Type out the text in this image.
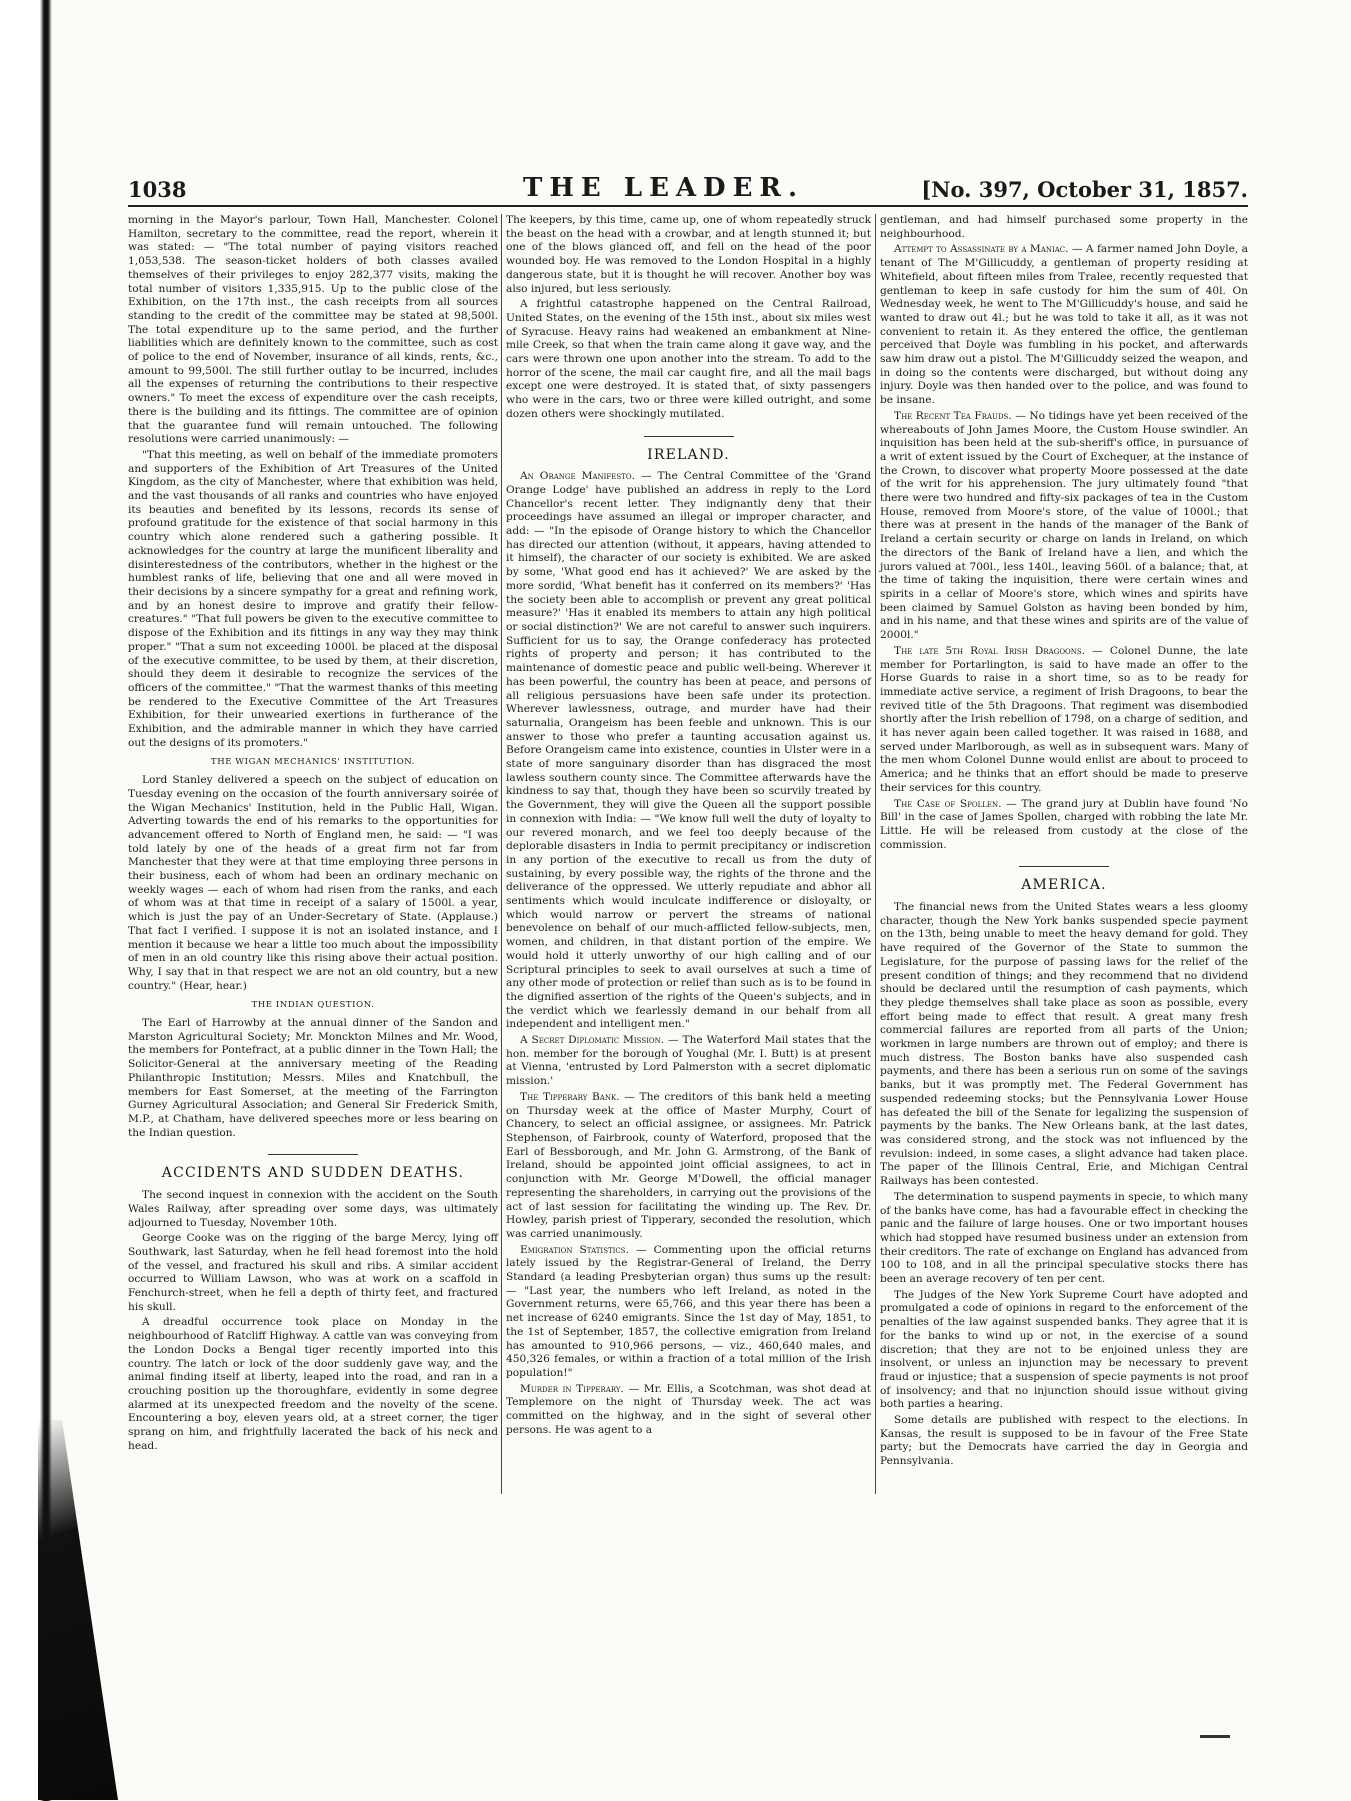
1038	THE LEADER.	[No. 397, October 31, 1857.

morning in the Mayor's parlour, Town Hall, Manchester. Colonel Hamilton, secretary to the committee, read the report, wherein it was stated: — "The total number of paying visitors reached 1,053,538. The season-ticket holders of both classes availed themselves of their privileges to enjoy 282,377 visits, making the total number of visitors 1,335,915. Up to the public close of the Exhibition, on the 17th inst., the cash receipts from all sources standing to the credit of the committee may be stated at 98,500l. The total expenditure up to the same period, and the further liabilities which are definitely known to the committee, such as cost of police to the end of November, insurance of all kinds, rents, &c., amount to 99,500l. The still further outlay to be incurred, includes all the expenses of returning the contributions to their respective owners." To meet the excess of expenditure over the cash receipts, there is the building and its fittings. The committee are of opinion that the guarantee fund will remain untouched. The following resolutions were carried unanimously: —

"That this meeting, as well on behalf of the immediate promoters and supporters of the Exhibition of Art Treasures of the United Kingdom, as the city of Manchester, where that exhibition was held, and the vast thousands of all ranks and countries who have enjoyed its beauties and benefited by its lessons, records its sense of profound gratitude for the existence of that social harmony in this country which alone rendered such a gathering possible. It acknowledges for the country at large the munificent liberality and disinterestedness of the contributors, whether in the highest or the humblest ranks of life, believing that one and all were moved in their decisions by a sincere sympathy for a great and refining work, and by an honest desire to improve and gratify their fellow-creatures." "That full powers be given to the executive committee to dispose of the Exhibition and its fittings in any way they may think proper." "That a sum not exceeding 1000l. be placed at the disposal of the executive committee, to be used by them, at their discretion, should they deem it desirable to recognize the services of the officers of the committee." "That the warmest thanks of this meeting be rendered to the Executive Committee of the Art Treasures Exhibition, for their unwearied exertions in furtherance of the Exhibition, and the admirable manner in which they have carried out the designs of its promoters."

THE WIGAN MECHANICS' INSTITUTION.

Lord Stanley delivered a speech on the subject of education on Tuesday evening on the occasion of the fourth anniversary soirée of the Wigan Mechanics' Institution, held in the Public Hall, Wigan. Adverting towards the end of his remarks to the opportunities for advancement offered to North of England men, he said: — "I was told lately by one of the heads of a great firm not far from Manchester that they were at that time employing three persons in their business, each of whom had been an ordinary mechanic on weekly wages — each of whom had risen from the ranks, and each of whom was at that time in receipt of a salary of 1500l. a year, which is just the pay of an Under-Secretary of State. (Applause.) That fact I verified. I suppose it is not an isolated instance, and I mention it because we hear a little too much about the impossibility of men in an old country like this rising above their actual position. Why, I say that in that respect we are not an old country, but a new country." (Hear, hear.)

THE INDIAN QUESTION.

The Earl of Harrowby at the annual dinner of the Sandon and Marston Agricultural Society; Mr. Monckton Milnes and Mr. Wood, the members for Pontefract, at a public dinner in the Town Hall; the Solicitor-General at the anniversary meeting of the Reading Philanthropic Institution; Messrs. Miles and Knatchbull, the members for East Somerset, at the meeting of the Farrington Gurney Agricultural Association; and General Sir Frederick Smith, M.P., at Chatham, have delivered speeches more or less bearing on the Indian question.

ACCIDENTS AND SUDDEN DEATHS.

The second inquest in connexion with the accident on the South Wales Railway, after spreading over some days, was ultimately adjourned to Tuesday, November 10th.

George Cooke was on the rigging of the barge Mercy, lying off Southwark, last Saturday, when he fell head foremost into the hold of the vessel, and fractured his skull and ribs. A similar accident occurred to William Lawson, who was at work on a scaffold in Fenchurch-street, when he fell a depth of thirty feet, and fractured his skull.

A dreadful occurrence took place on Monday in the neighbourhood of Ratcliff Highway. A cattle van was conveying from the London Docks a Bengal tiger recently imported into this country. The latch or lock of the door suddenly gave way, and the animal finding itself at liberty, leaped into the road, and ran in a crouching position up the thoroughfare, evidently in some degree alarmed at its unexpected freedom and the novelty of the scene. Encountering a boy, eleven years old, at a street corner, the tiger sprang on him, and frightfully lacerated the back of his neck and head.

The keepers, by this time, came up, one of whom repeatedly struck the beast on the head with a crowbar, and at length stunned it; but one of the blows glanced off, and fell on the head of the poor wounded boy. He was removed to the London Hospital in a highly dangerous state, but it is thought he will recover. Another boy was also injured, but less seriously.

A frightful catastrophe happened on the Central Railroad, United States, on the evening of the 15th inst., about six miles west of Syracuse. Heavy rains had weakened an embankment at Nine-mile Creek, so that when the train came along it gave way, and the cars were thrown one upon another into the stream. To add to the horror of the scene, the mail car caught fire, and all the mail bags except one were destroyed. It is stated that, of sixty passengers who were in the cars, two or three were killed outright, and some dozen others were shockingly mutilated.

IRELAND.

An Orange Manifesto. — The Central Committee of the 'Grand Orange Lodge' have published an address in reply to the Lord Chancellor's recent letter. They indignantly deny that their proceedings have assumed an illegal or improper character, and add: — "In the episode of Orange history to which the Chancellor has directed our attention (without, it appears, having attended to it himself), the character of our society is exhibited. We are asked by some, 'What good end has it achieved?' We are asked by the more sordid, 'What benefit has it conferred on its members?' 'Has the society been able to accomplish or prevent any great political measure?' 'Has it enabled its members to attain any high political or social distinction?' We are not careful to answer such inquirers. Sufficient for us to say, the Orange confederacy has protected rights of property and person; it has contributed to the maintenance of domestic peace and public well-being. Wherever it has been powerful, the country has been at peace, and persons of all religious persuasions have been safe under its protection. Wherever lawlessness, outrage, and murder have had their saturnalia, Orangeism has been feeble and unknown. This is our answer to those who prefer a taunting accusation against us. Before Orangeism came into existence, counties in Ulster were in a state of more sanguinary disorder than has disgraced the most lawless southern county since. The Committee afterwards have the kindness to say that, though they have been so scurvily treated by the Government, they will give the Queen all the support possible in connexion with India: — "We know full well the duty of loyalty to our revered monarch, and we feel too deeply because of the deplorable disasters in India to permit precipitancy or indiscretion in any portion of the executive to recall us from the duty of sustaining, by every possible way, the rights of the throne and the deliverance of the oppressed. We utterly repudiate and abhor all sentiments which would inculcate indifference or disloyalty, or which would narrow or pervert the streams of national benevolence on behalf of our much-afflicted fellow-subjects, men, women, and children, in that distant portion of the empire. We would hold it utterly unworthy of our high calling and of our Scriptural principles to seek to avail ourselves at such a time of any other mode of protection or relief than such as is to be found in the dignified assertion of the rights of the Queen's subjects, and in the verdict which we fearlessly demand in our behalf from all independent and intelligent men."

A Secret Diplomatic Mission. — The Waterford Mail states that the hon. member for the borough of Youghal (Mr. I. Butt) is at present at Vienna, 'entrusted by Lord Palmerston with a secret diplomatic mission.'

The Tipperary Bank. — The creditors of this bank held a meeting on Thursday week at the office of Master Murphy, Court of Chancery, to select an official assignee, or assignees. Mr. Patrick Stephenson, of Fairbrook, county of Waterford, proposed that the Earl of Bessborough, and Mr. John G. Armstrong, of the Bank of Ireland, should be appointed joint official assignees, to act in conjunction with Mr. George M'Dowell, the official manager representing the shareholders, in carrying out the provisions of the act of last session for facilitating the winding up. The Rev. Dr. Howley, parish priest of Tipperary, seconded the resolution, which was carried unanimously.

Emigration Statistics. — Commenting upon the official returns lately issued by the Registrar-General of Ireland, the Derry Standard (a leading Presbyterian organ) thus sums up the result: — "Last year, the numbers who left Ireland, as noted in the Government returns, were 65,766, and this year there has been a net increase of 6240 emigrants. Since the 1st day of May, 1851, to the 1st of September, 1857, the collective emigration from Ireland has amounted to 910,966 persons, — viz., 460,640 males, and 450,326 females, or within a fraction of a total million of the Irish population!"

Murder in Tipperary. — Mr. Ellis, a Scotchman, was shot dead at Templemore on the night of Thursday week. The act was committed on the highway, and in the sight of several other persons. He was agent to a

gentleman, and had himself purchased some property in the neighbourhood.

Attempt to Assassinate by a Maniac. — A farmer named John Doyle, a tenant of The M'Gillicuddy, a gentleman of property residing at Whitefield, about fifteen miles from Tralee, recently requested that gentleman to keep in safe custody for him the sum of 40l. On Wednesday week, he went to The M'Gillicuddy's house, and said he wanted to draw out 4l.; but he was told to take it all, as it was not convenient to retain it. As they entered the office, the gentleman perceived that Doyle was fumbling in his pocket, and afterwards saw him draw out a pistol. The M'Gillicuddy seized the weapon, and in doing so the contents were discharged, but without doing any injury. Doyle was then handed over to the police, and was found to be insane.

The Recent Tea Frauds. — No tidings have yet been received of the whereabouts of John James Moore, the Custom House swindler. An inquisition has been held at the sub-sheriff's office, in pursuance of a writ of extent issued by the Court of Exchequer, at the instance of the Crown, to discover what property Moore possessed at the date of the writ for his apprehension. The jury ultimately found "that there were two hundred and fifty-six packages of tea in the Custom House, removed from Moore's store, of the value of 1000l.; that there was at present in the hands of the manager of the Bank of Ireland a certain security or charge on lands in Ireland, on which the directors of the Bank of Ireland have a lien, and which the jurors valued at 700l., less 140l., leaving 560l. of a balance; that, at the time of taking the inquisition, there were certain wines and spirits in a cellar of Moore's store, which wines and spirits have been claimed by Samuel Golston as having been bonded by him, and in his name, and that these wines and spirits are of the value of 2000l."

The late 5th Royal Irish Dragoons. — Colonel Dunne, the late member for Portarlington, is said to have made an offer to the Horse Guards to raise in a short time, so as to be ready for immediate active service, a regiment of Irish Dragoons, to bear the revived title of the 5th Dragoons. That regiment was disembodied shortly after the Irish rebellion of 1798, on a charge of sedition, and it has never again been called together. It was raised in 1688, and served under Marlborough, as well as in subsequent wars. Many of the men whom Colonel Dunne would enlist are about to proceed to America; and he thinks that an effort should be made to preserve their services for this country.

The Case of Spollen. — The grand jury at Dublin have found 'No Bill' in the case of James Spollen, charged with robbing the late Mr. Little. He will be released from custody at the close of the commission.

AMERICA.

The financial news from the United States wears a less gloomy character, though the New York banks suspended specie payment on the 13th, being unable to meet the heavy demand for gold. They have required of the Governor of the State to summon the Legislature, for the purpose of passing laws for the relief of the present condition of things; and they recommend that no dividend should be declared until the resumption of cash payments, which they pledge themselves shall take place as soon as possible, every effort being made to effect that result. A great many fresh commercial failures are reported from all parts of the Union; workmen in large numbers are thrown out of employ; and there is much distress. The Boston banks have also suspended cash payments, and there has been a serious run on some of the savings banks, but it was promptly met. The Federal Government has suspended redeeming stocks; but the Pennsylvania Lower House has defeated the bill of the Senate for legalizing the suspension of payments by the banks. The New Orleans bank, at the last dates, was considered strong, and the stock was not influenced by the revulsion: indeed, in some cases, a slight advance had taken place. The paper of the Illinois Central, Erie, and Michigan Central Railways has been contested.

The determination to suspend payments in specie, to which many of the banks have come, has had a favourable effect in checking the panic and the failure of large houses. One or two important houses which had stopped have resumed business under an extension from their creditors. The rate of exchange on England has advanced from 100 to 108, and in all the principal speculative stocks there has been an average recovery of ten per cent.

The Judges of the New York Supreme Court have adopted and promulgated a code of opinions in regard to the enforcement of the penalties of the law against suspended banks. They agree that it is for the banks to wind up or not, in the exercise of a sound discretion; that they are not to be enjoined unless they are insolvent, or unless an injunction may be necessary to prevent fraud or injustice; that a suspension of specie payments is not proof of insolvency; and that no injunction should issue without giving both parties a hearing.

Some details are published with respect to the elections. In Kansas, the result is supposed to be in favour of the Free State party; but the Democrats have carried the day in Georgia and Pennsylvania.
